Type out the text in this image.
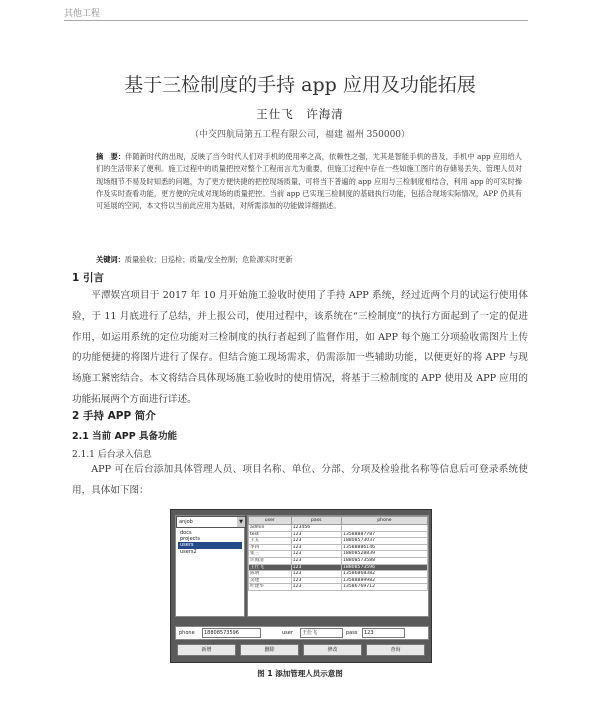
其他工程
基于三检制度的手持 app 应用及功能拓展
王仕飞　许海清
（中交四航局第五工程有限公司，福建 福州 350000）
摘　要：伴随新时代的出现，反映了当今时代人们对手机的使用率之高，依赖性之强，尤其是智能手机的普及，手机中 app 应用给人们的生活带来了便利。施工过程中的质量把控对整个工程而言尤为重要，但施工过程中存在一些如施工图片的存储易丢失、管理人员对现场细节不易及时知悉的问题，为了更方便快捷的把控现场质量，可将当下普遍的 app 应用与三检制度相结合，利用 app 的可实时操作及实时查看功能，更方便的完成对现场的质量把控。当前 app 已实现三检制度的基础执行功能，包括合现场实际情况，APP 仍具有可延展的空间，本文将以当前此应用为基础，对所需添加的功能做详细描述。
关键词：质量验收；日巡检；质量/安全控制；危险源实时更新
1 引言
平潭娱宫项目于 2017 年 10 月开始施工验收时使用了手持 APP 系统，经过近两个月的试运行使用体验，于 11 月底进行了总结，并上报公司，使用过程中，该系统在“三检制度”的执行方面起到了一定的促进作用，如运用系统的定位功能对三检制度的执行者起到了监督作用，如 APP 每个施工分项验收需图片上传的功能便捷的将图片进行了保存。但结合施工现场需求，仍需添加一些辅助功能，以便更好的将 APP 与现场施工紧密结合。本文将结合具体现场施工验收时的使用情况，将基于三检制度的 APP 使用及 APP 应用的功能拓展两个方面进行详述。
2 手持 APP 简介
2.1 当前 APP 具备功能
2.1.1 后台录入信息
APP 可在后台添加具体管理人员、项目名称、单位、分部、分项及检验批名称等信息后可登录系统使用，具体如下图：
anjob	▼
docs
projects
users
users2
user	pass	phone
admin	123456	
test	123	13588887787
王五	123	18808573037
李四	123	13588886146
张三	123	18808528839
许海清	123	18808573588
王仕飞	123	18808573596
陈明	123	13586868382
吴建	123	13588889982
叶建华	123	13586769712
phone	18808573596	user	王仕飞	pass	123
新增	删除	修改	查询
图 1 添加管理人员示意图
